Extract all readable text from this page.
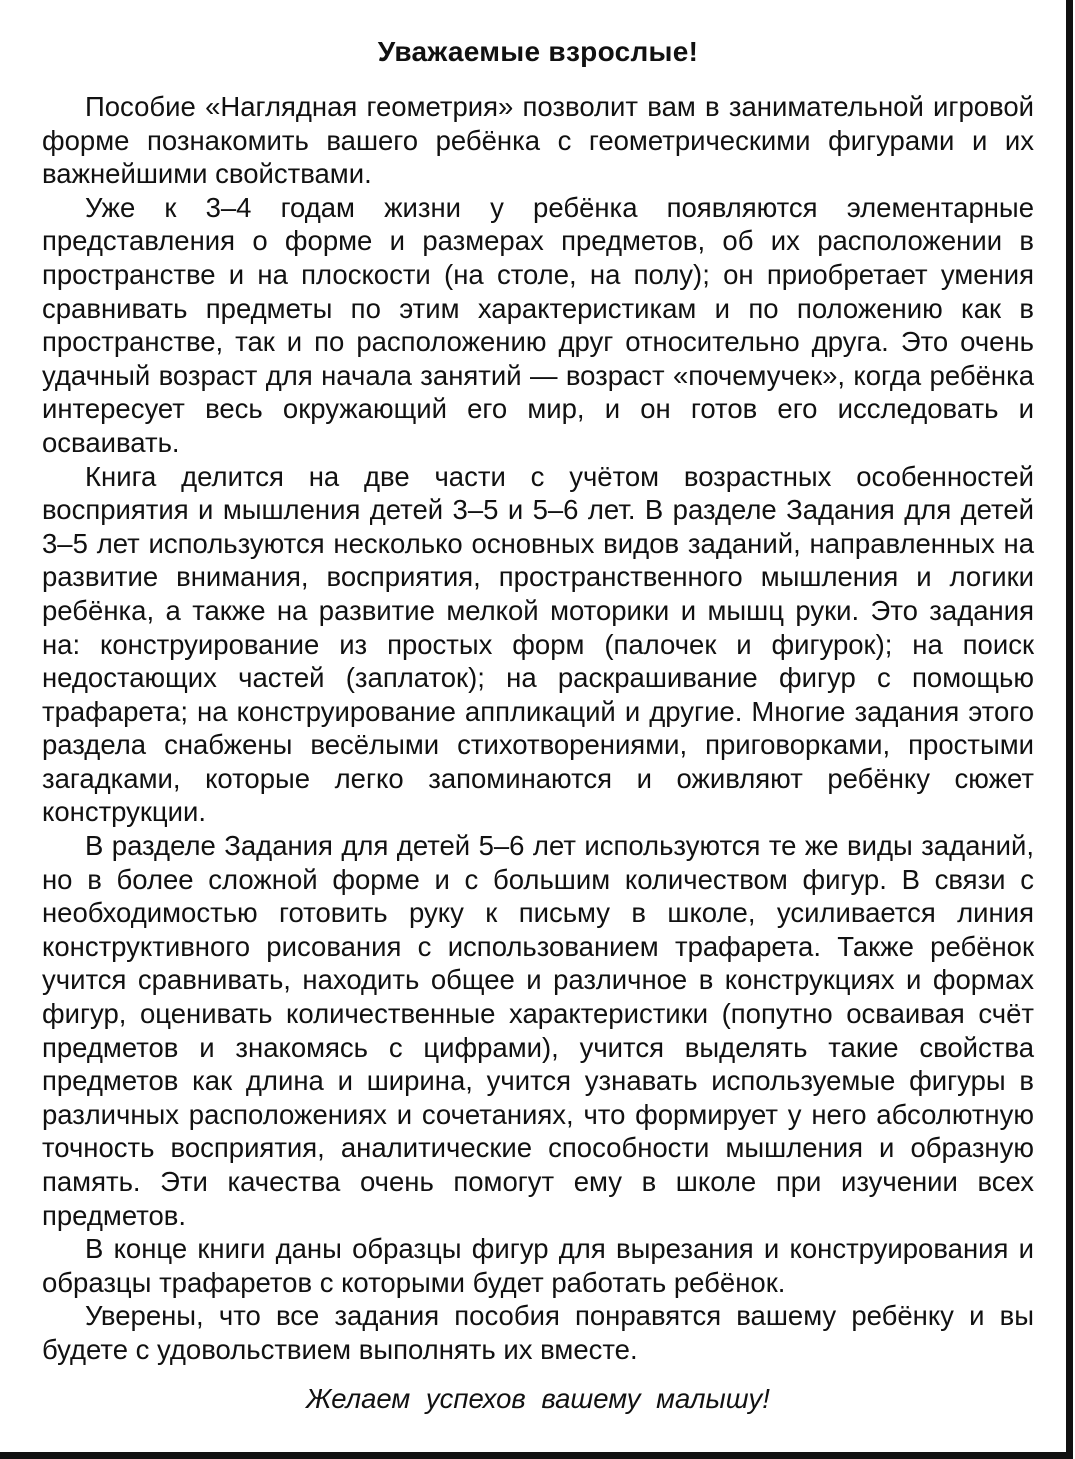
Уважаемые взрослые!

Пособие «Наглядная геометрия» позволит вам в занимательной игровой форме познакомить вашего ребёнка с геометрическими фигурами и их важнейшими свойствами.

Уже к 3–4 годам жизни у ребёнка появляются элементарные представления о форме и размерах предметов, об их расположении в пространстве и на плоскости (на столе, на полу); он приобретает умения сравнивать предметы по этим характеристикам и по положению как в пространстве, так и по расположению друг относительно друга. Это очень удачный возраст для начала занятий — возраст «почемучек», когда ребёнка интересует весь окружающий его мир, и он готов его исследовать и осваивать.

Книга делится на две части с учётом возрастных особенностей восприятия и мышления детей 3–5 и 5–6 лет. В разделе Задания для детей 3–5 лет используются несколько основных видов заданий, направленных на развитие внимания, восприятия, пространственного мышления и логики ребёнка, а также на развитие мелкой моторики и мышц руки. Это задания на: конструирование из простых форм (палочек и фигурок); на поиск недостающих частей (заплаток); на раскрашивание фигур с помощью трафарета; на конструирование аппликаций и другие. Многие задания этого раздела снабжены весёлыми стихотворениями, приговорками, простыми загадками, которые легко запоминаются и оживляют ребёнку сюжет конструкции.

В разделе Задания для детей 5–6 лет используются те же виды заданий, но в более сложной форме и с большим количеством фигур. В связи с необходимостью готовить руку к письму в школе, усиливается линия конструктивного рисования с использованием трафарета. Также ребёнок учится сравнивать, находить общее и различное в конструкциях и формах фигур, оценивать количественные характеристики (попутно осваивая счёт предметов и знакомясь с цифрами), учится выделять такие свойства предметов как длина и ширина, учится узнавать используемые фигуры в различных расположениях и сочетаниях, что формирует у него абсолютную точность восприятия, аналитические способности мышления и образную память. Эти качества очень помогут ему в школе при изучении всех предметов.

В конце книги даны образцы фигур для вырезания и конструирования и образцы трафаретов с которыми будет работать ребёнок.

Уверены, что все задания пособия понравятся вашему ребёнку и вы будете с удовольствием выполнять их вместе.

Желаем успехов вашему малышу!
